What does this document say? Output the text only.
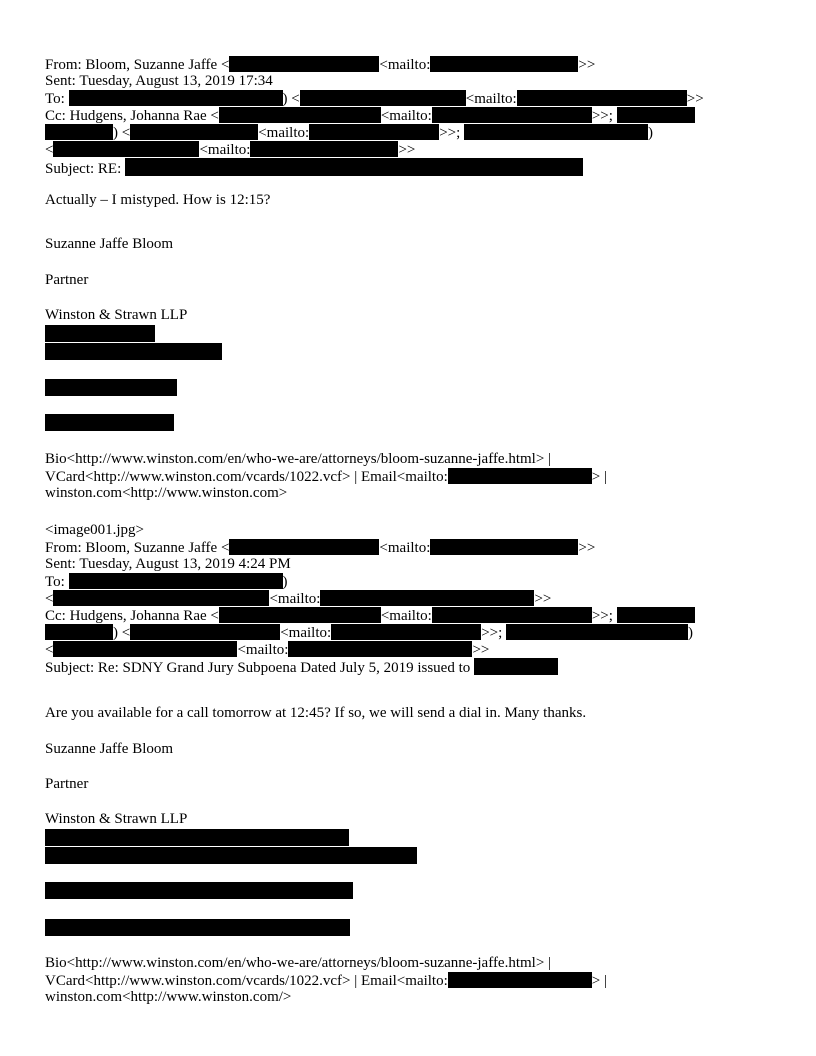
From: Bloom, Suzanne Jaffe <	<mailto:	>>
Sent: Tuesday, August 13, 2019 17:34
To:	) <	<mailto:	>>
Cc: Hudgens, Johanna Rae <	<mailto:	>>;
) <	<mailto:	>>;	)
<	<mailto:	>>
Subject: RE:
Actually – I mistyped. How is 12:15?
Suzanne Jaffe Bloom
Partner
Winston & Strawn LLP
Bio<http://www.winston.com/en/who-we-are/attorneys/bloom-suzanne-jaffe.html> |
VCard<http://www.winston.com/vcards/1022.vcf> | Email<mailto:	> |
winston.com<http://www.winston.com>
<image001.jpg>
From: Bloom, Suzanne Jaffe <	<mailto:	>>
Sent: Tuesday, August 13, 2019 4:24 PM
To:	)
<	<mailto:	>>
Cc: Hudgens, Johanna Rae <	<mailto:	>>;
) <	<mailto:	>>;	)
<	<mailto:	>>
Subject: Re: SDNY Grand Jury Subpoena Dated July 5, 2019 issued to
Are you available for a call tomorrow at 12:45? If so, we will send a dial in. Many thanks.
Suzanne Jaffe Bloom
Partner
Winston & Strawn LLP
Bio<http://www.winston.com/en/who-we-are/attorneys/bloom-suzanne-jaffe.html> |
VCard<http://www.winston.com/vcards/1022.vcf> | Email<mailto:	> |
winston.com<http://www.winston.com/>
